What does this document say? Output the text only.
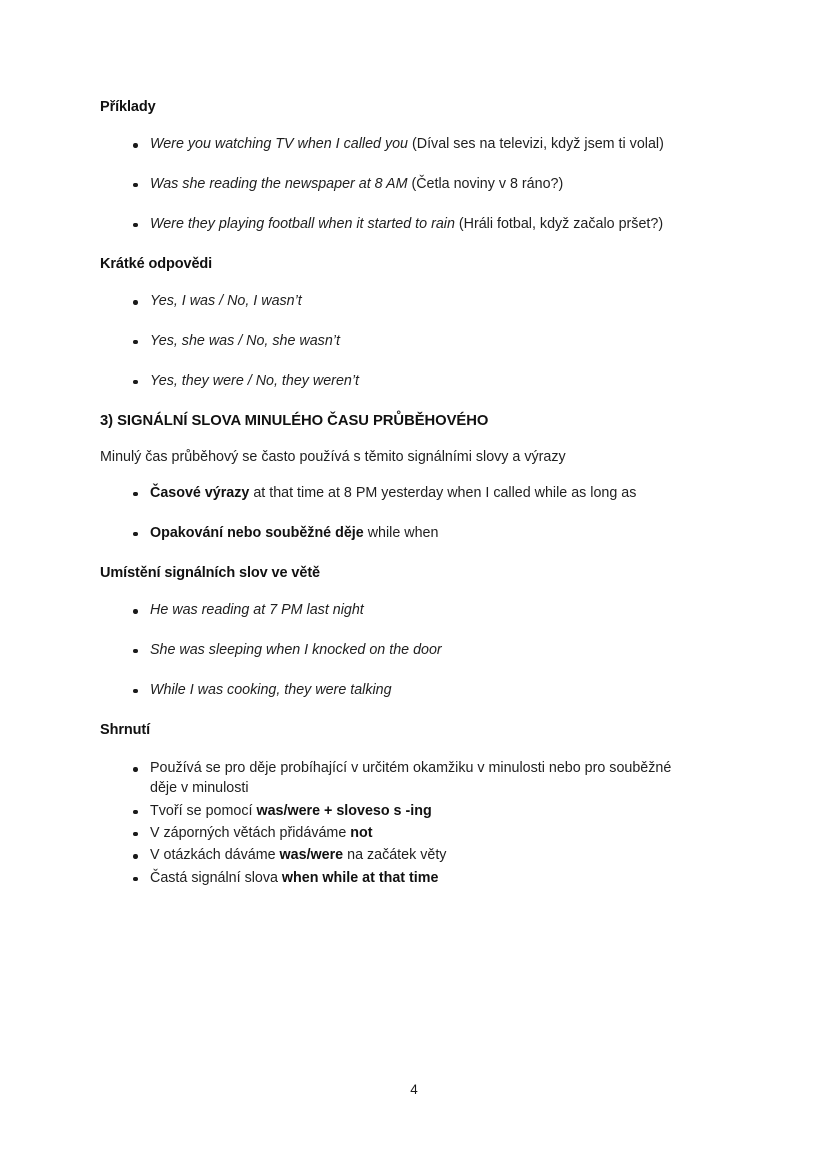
Příklady
Were you watching TV when I called you (Díval ses na televizi, když jsem ti volal)
Was she reading the newspaper at 8 AM (Četla noviny v 8 ráno?)
Were they playing football when it started to rain (Hráli fotbal, když začalo pršet?)
Krátké odpovědi
Yes, I was / No, I wasn’t
Yes, she was / No, she wasn’t
Yes, they were / No, they weren’t
3) SIGNÁLNÍ SLOVA MINULÉHO ČASU PRŮBĚHOVÉHO

Minulý čas průběhový se často používá s těmito signálními slovy a výrazy

Časové výrazy at that time at 8 PM yesterday when I called while as long as
Opakování nebo souběžné děje while when
Umístění signálních slov ve větě
He was reading at 7 PM last night
She was sleeping when I knocked on the door
While I was cooking, they were talking
Shrnutí
Používá se pro děje probíhající v určitém okamžiku v minulosti nebo pro souběžné děje v minulosti
Tvoří se pomocí was/were + sloveso s -ing
V záporných větách přidáváme not
V otázkách dáváme was/were na začátek věty
Častá signální slova when while at that time
4
